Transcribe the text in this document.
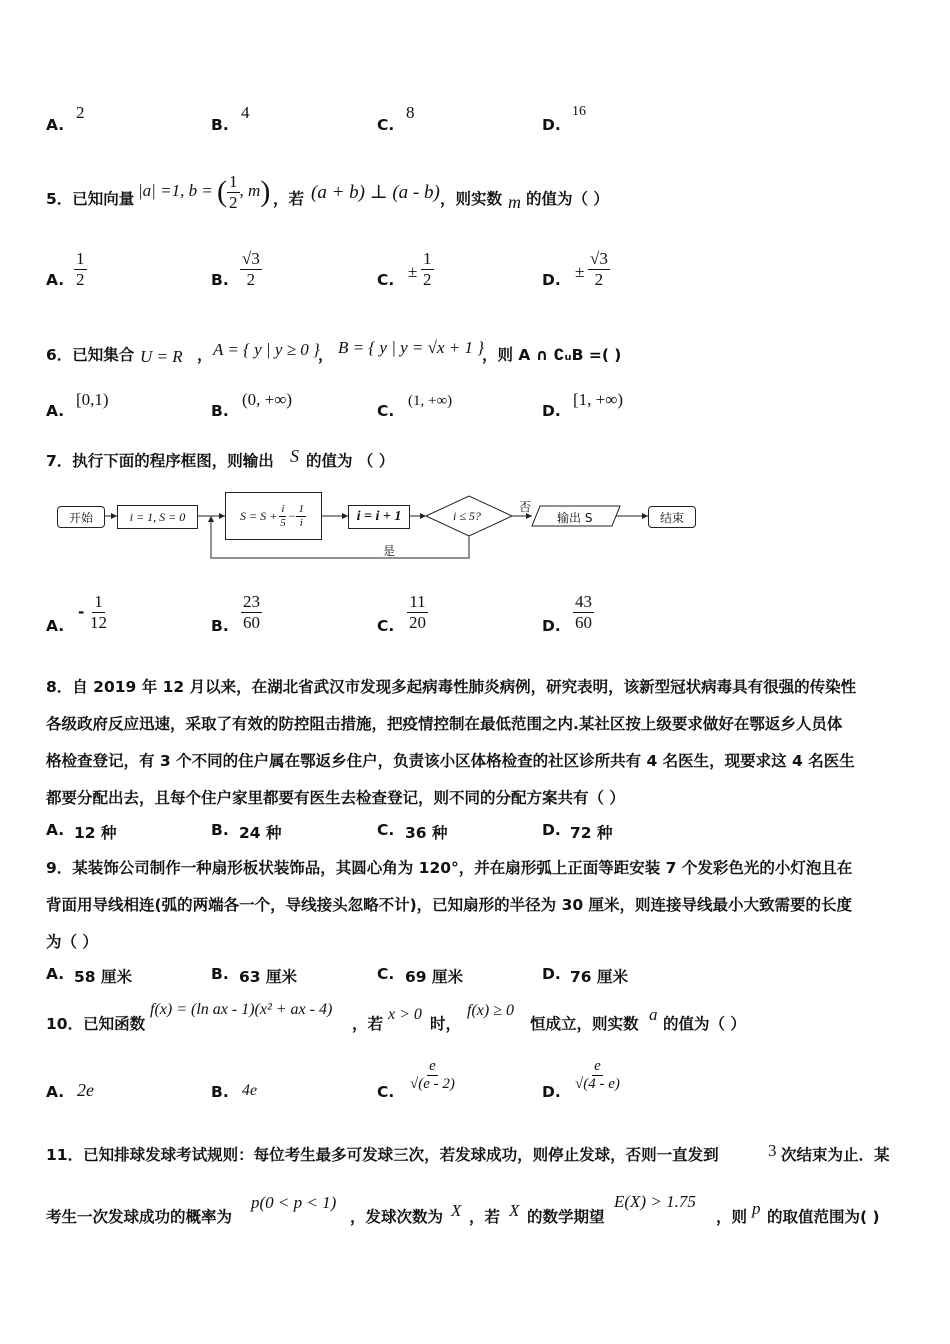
A.
2
B.
4
C.
8
D.
16
5．已知向量 |a| =1, b = ( $\frac{1}{2}$ , m) ，若 (a + b) ⊥ (a - b) ，则实数 m 的值为（ ）
A. $\frac{1}{2}$	B. $\frac{√3}{2}$	C. ± $\frac{1}{2}$	D. ± $\frac{√3}{2}$
6．已知集合 U = R ， A = { y | y ≥ 0 }
， B = { y | y = √x + 1 }
，则 A ∩ ∁ᵤB =( )
A.
[0,1)
B.
(0, +∞)
C.
(1, +∞)
D.
[1, +∞)
7．执行下面的程序框图，则输出 S 的值为 （ ）
开始	i = 1, S = 0	$S = S + \frac{i}{5} - \frac{1}{i}$	i = i + 1	i ≤ 5?
否
是
输出 S	结束
A.
- $\frac{1}{12}$	B. $\frac{23}{60}$	C. $\frac{11}{20}$	D. $\frac{43}{60}$
8．自 2019 年 12 月以来，在湖北省武汉市发现多起病毒性肺炎病例，研究表明，该新型冠状病毒具有很强的传染性
各级政府反应迅速，采取了有效的防控阻击措施，把疫情控制在最低范围之内.某社区按上级要求做好在鄂返乡人员体
格检查登记，有 3 个不同的住户属在鄂返乡住户，负责该小区体格检查的社区诊所共有 4 名医生，现要求这 4 名医生
都要分配出去，且每个住户家里都要有医生去检查登记，则不同的分配方案共有（ ）
A. 12 种	B. 24 种	C. 36 种	D. 72 种
9．某装饰公司制作一种扇形板状装饰品，其圆心角为 120°，并在扇形弧上正面等距安装 7 个发彩色光的小灯泡且在
背面用导线相连(弧的两端各一个，导线接头忽略不计)，已知扇形的半径为 30 厘米，则连接导线最小大致需要的长度
为（ ）
A. 58 厘米	B. 63 厘米	C. 69 厘米	D. 76 厘米
10．已知函数
f(x) = (ln ax - 1)(x² + ax - 4)
，若
x > 0
时，
f(x) ≥ 0
恒成立，则实数 a 的值为（ ）
A. 2e	B. 4e	C. $\frac{e}{√(e - 2)}$	D. $\frac{e}{√(4 - e)}$
11．已知排球发球考试规则：每位考生最多可发球三次，若发球成功，则停止发球，否则一直发到	3 次结束为止．某
考生一次发球成功的概率为
p(0 < p < 1)
，发球次数为 X ，若 X 的数学期望
E(X) > 1.75
，则 p 的取值范围为( )
